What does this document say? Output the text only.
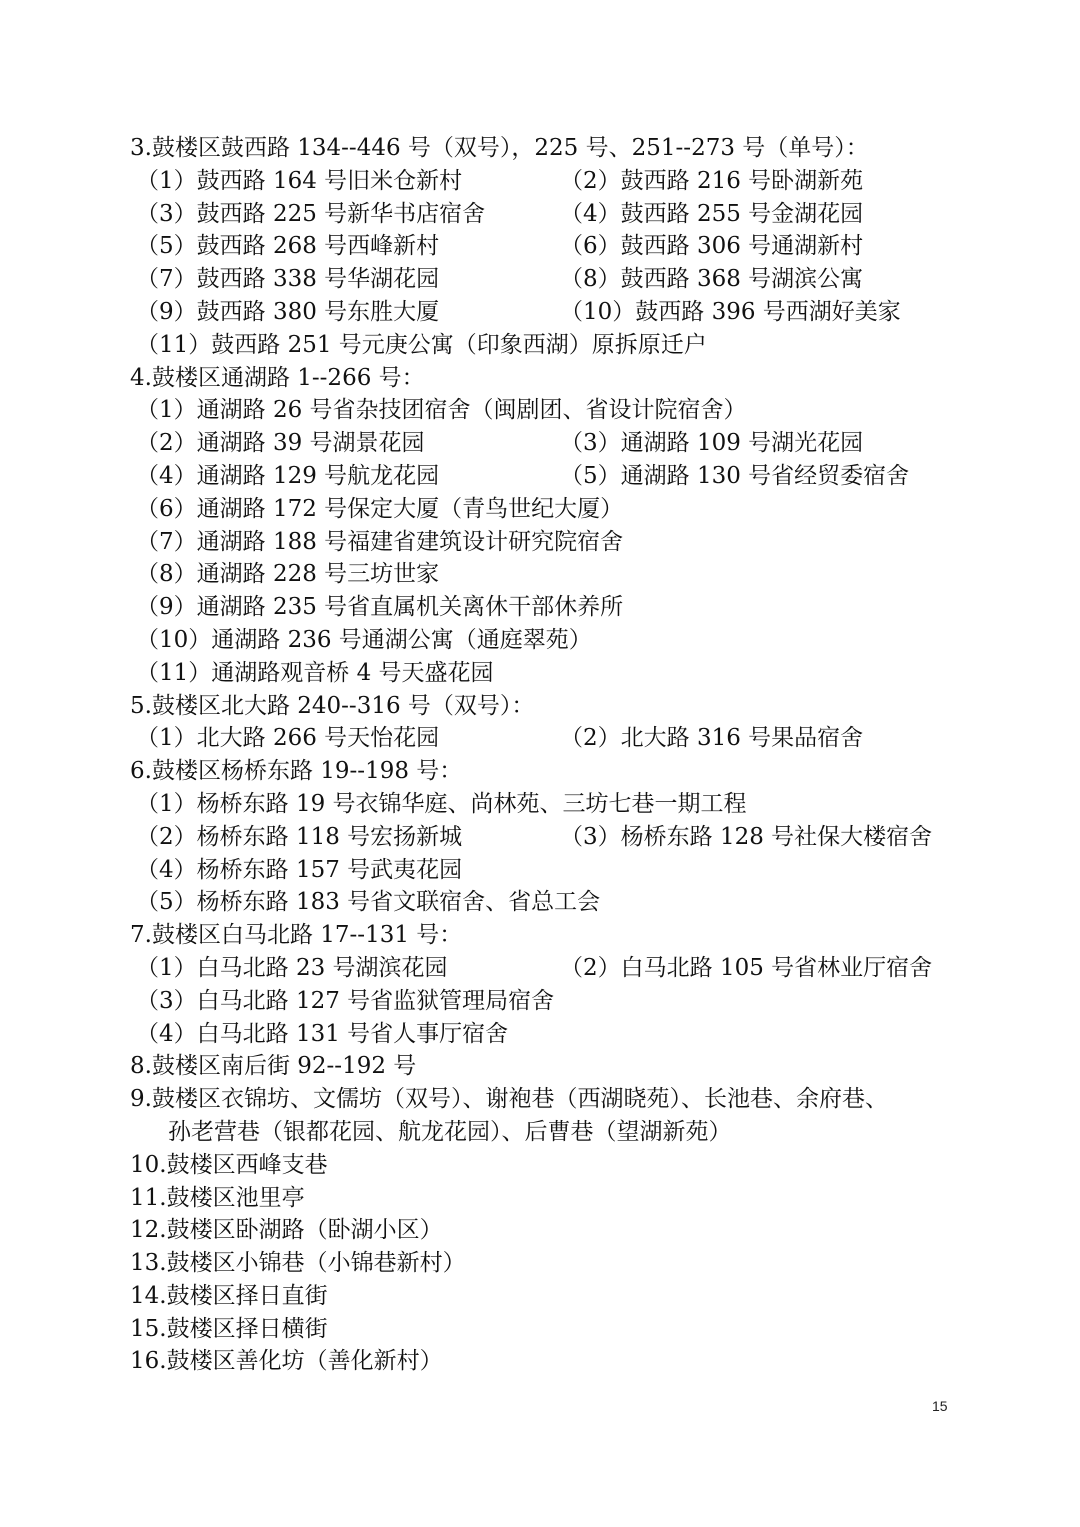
3.鼓楼区鼓西路 134--446 号（双号），225 号、251--273 号（单号）：
（1）鼓西路 164 号旧米仓新村	（2）鼓西路 216 号卧湖新苑
（3）鼓西路 225 号新华书店宿舍	（4）鼓西路 255 号金湖花园
（5）鼓西路 268 号西峰新村	（6）鼓西路 306 号通湖新村
（7）鼓西路 338 号华湖花园	（8）鼓西路 368 号湖滨公寓
（9）鼓西路 380 号东胜大厦	（10）鼓西路 396 号西湖好美家
（11）鼓西路 251 号元庚公寓（印象西湖）原拆原迁户
4.鼓楼区通湖路 1--266 号：
（1）通湖路 26 号省杂技团宿舍（闽剧团、省设计院宿舍）
（2）通湖路 39 号湖景花园	（3）通湖路 109 号湖光花园
（4）通湖路 129 号航龙花园	（5）通湖路 130 号省经贸委宿舍
（6）通湖路 172 号保定大厦（青鸟世纪大厦）
（7）通湖路 188 号福建省建筑设计研究院宿舍
（8）通湖路 228 号三坊世家
（9）通湖路 235 号省直属机关离休干部休养所
（10）通湖路 236 号通湖公寓（通庭翠苑）
（11）通湖路观音桥 4 号天盛花园
5.鼓楼区北大路 240--316 号（双号）：
（1）北大路 266 号天怡花园	（2）北大路 316 号果品宿舍
6.鼓楼区杨桥东路 19--198 号：
（1）杨桥东路 19 号衣锦华庭、尚林苑、三坊七巷一期工程
（2）杨桥东路 118 号宏扬新城	（3）杨桥东路 128 号社保大楼宿舍
（4）杨桥东路 157 号武夷花园
（5）杨桥东路 183 号省文联宿舍、省总工会
7.鼓楼区白马北路 17--131 号：
（1）白马北路 23 号湖滨花园	（2）白马北路 105 号省林业厅宿舍
（3）白马北路 127 号省监狱管理局宿舍
（4）白马北路 131 号省人事厅宿舍
8.鼓楼区南后街 92--192 号
9.鼓楼区衣锦坊、文儒坊（双号）、谢袍巷（西湖晓苑）、长池巷、余府巷、
孙老营巷（银都花园、航龙花园）、后曹巷（望湖新苑）
10.鼓楼区西峰支巷
11.鼓楼区池里亭
12.鼓楼区卧湖路（卧湖小区）
13.鼓楼区小锦巷（小锦巷新村）
14.鼓楼区择日直街
15.鼓楼区择日横街
16.鼓楼区善化坊（善化新村）
15
